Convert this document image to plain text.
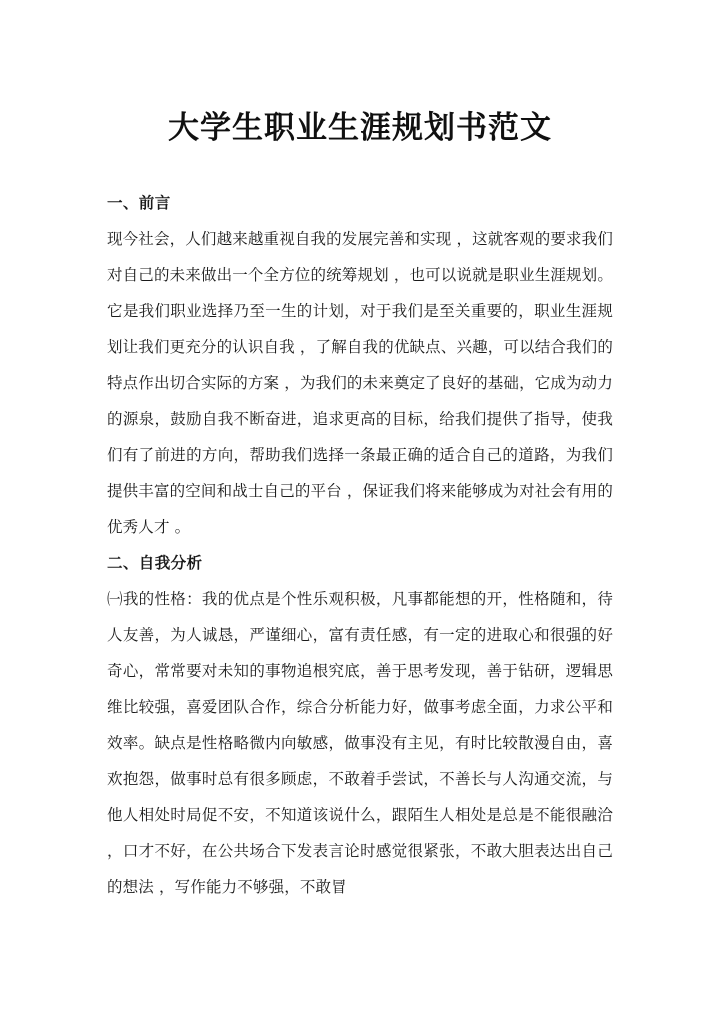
大学生职业生涯规划书范文
一、前言

现今社会，人们越来越重视自我的发展完善和实现 ，这就客观的要求我们对自己的未来做出一个全方位的统筹规划 ，也可以说就是职业生涯规划。它是我们职业选择乃至一生的计划，对于我们是至关重要的，职业生涯规划让我们更充分的认识自我 ，了解自我的优缺点、兴趣，可以结合我们的特点作出切合实际的方案 ，为我们的未来奠定了良好的基础，它成为动力的源泉，鼓励自我不断奋进，追求更高的目标，给我们提供了指导，使我们有了前进的方向，帮助我们选择一条最正确的适合自己的道路，为我们提供丰富的空间和战士自己的平台 ，保证我们将来能够成为对社会有用的优秀人才 。

二、自我分析

㈠我的性格：我的优点是个性乐观积极，凡事都能想的开，性格随和，待人友善，为人诚恳，严谨细心，富有责任感，有一定的进取心和很强的好奇心，常常要对未知的事物追根究底，善于思考发现，善于钻研，逻辑思维比较强，喜爱团队合作，综合分析能力好，做事考虑全面，力求公平和效率。缺点是性格略微内向敏感，做事没有主见，有时比较散漫自由，喜欢抱怨，做事时总有很多顾虑，不敢着手尝试，不善长与人沟通交流，与他人相处时局促不安，不知道该说什么，跟陌生人相处是总是不能很融洽 ，口才不好，在公共场合下发表言论时感觉很紧张，不敢大胆表达出自己的想法 ，写作能力不够强，不敢冒
